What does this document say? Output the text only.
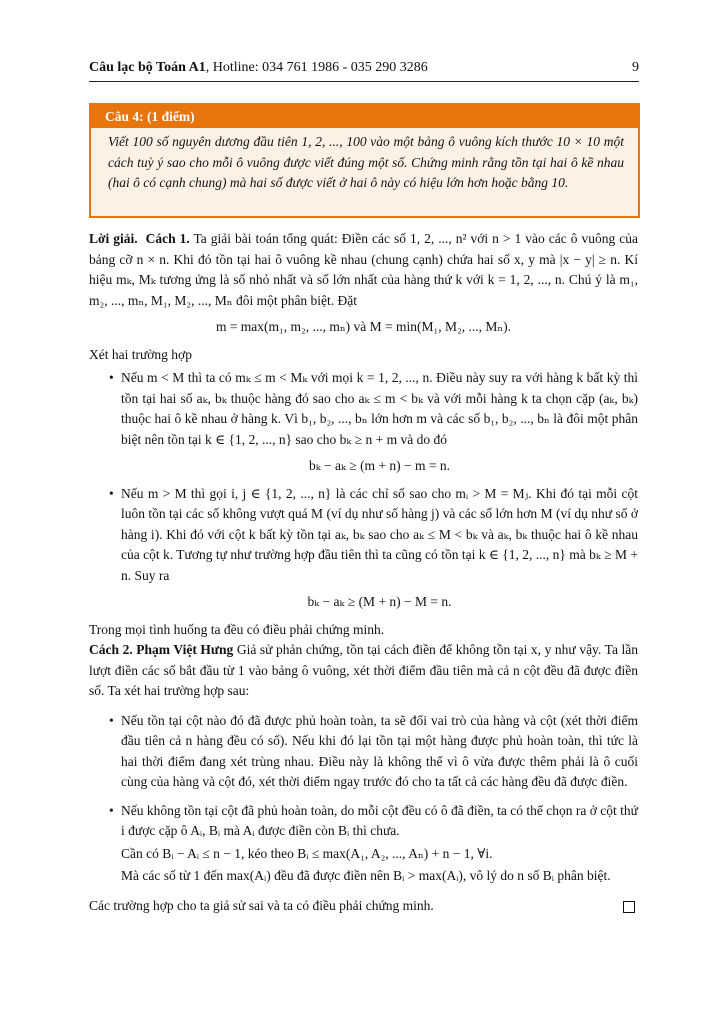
Câu lạc bộ Toán A1, Hotline: 034 761 1986 - 035 290 3286	9
Câu 4: (1 điểm)
Viết 100 số nguyên dương đầu tiên 1, 2, ..., 100 vào một bảng ô vuông kích thước 10 × 10 một cách tuỳ ý sao cho mỗi ô vuông được viết đúng một số. Chứng minh rằng tồn tại hai ô kề nhau (hai ô có cạnh chung) mà hai số được viết ở hai ô này có hiệu lớn hơn hoặc bằng 10.

Lời giải. Cách 1. Ta giải bài toán tổng quát: Điền các số 1, 2, ..., n² với n > 1 vào các ô vuông của bảng cỡ n × n. Khi đó tồn tại hai ô vuông kề nhau (chung cạnh) chứa hai số x, y mà |x − y| ≥ n. Kí hiệu mₖ, Mₖ tương ứng là số nhỏ nhất và số lớn nhất của hàng thứ k với k = 1, 2, ..., n. Chú ý là m₁, m₂, ..., mₙ, M₁, M₂, ..., Mₙ đôi một phân biệt. Đặt

m = max(m₁, m₂, ..., mₙ) và M = min(M₁, M₂, ..., Mₙ).

Xét hai trường hợp

• Nếu m < M thì ta có mₖ ≤ m < Mₖ với mọi k = 1, 2, ..., n. Điều này suy ra với hàng k bất kỳ thì tồn tại hai số aₖ, bₖ thuộc hàng đó sao cho aₖ ≤ m < bₖ và với mỗi hàng k ta chọn cặp (aₖ, bₖ) thuộc hai ô kề nhau ở hàng k. Vì b₁, b₂, ..., bₙ lớn hơn m và các số b₁, b₂, ..., bₙ là đôi một phân biệt nên tồn tại k ∈ {1, 2, ..., n} sao cho bₖ ≥ n + m và do đó
bₖ − aₖ ≥ (m + n) − m = n.
• Nếu m > M thì gọi i, j ∈ {1, 2, ..., n} là các chỉ số sao cho mᵢ > M = Mⱼ. Khi đó tại mỗi cột luôn tồn tại các số không vượt quá M (ví dụ như số hàng j) và các số lớn hơn M (ví dụ như số ở hàng i). Khi đó với cột k bất kỳ tồn tại aₖ, bₖ sao cho aₖ ≤ M < bₖ và aₖ, bₖ thuộc hai ô kề nhau của cột k. Tương tự như trường hợp đầu tiên thì ta cũng có tồn tại k ∈ {1, 2, ..., n} mà bₖ ≥ M + n. Suy ra
bₖ − aₖ ≥ (M + n) − M = n.

Trong mọi tình huống ta đều có điều phải chứng minh.

Cách 2. Phạm Việt Hưng Giả sử phản chứng, tồn tại cách điền để không tồn tại x, y như vậy. Ta lần lượt điền các số bắt đầu từ 1 vào bảng ô vuông, xét thời điểm đầu tiên mà cả n cột đều đã được điền số. Ta xét hai trường hợp sau:

• Nếu tồn tại cột nào đó đã được phủ hoàn toàn, ta sẽ đổi vai trò của hàng và cột (xét thời điểm đầu tiên cả n hàng đều có số). Nếu khi đó lại tồn tại một hàng được phủ hoàn toàn, thì tức là hai thời điểm đang xét trùng nhau. Điều này là không thể vì ô vừa được thêm phải là ô cuối cùng của hàng và cột đó, xét thời điểm ngay trước đó cho ta tất cả các hàng đều đã được điền.
• Nếu không tồn tại cột đã phủ hoàn toàn, do mỗi cột đều có ô đã điền, ta có thể chọn ra ở cột thứ i được cặp ô Aᵢ, Bᵢ mà Aᵢ được điền còn Bᵢ thì chưa.
Cần có Bᵢ − Aᵢ ≤ n − 1, kéo theo Bᵢ ≤ max(A₁, A₂, ..., Aₙ) + n − 1, ∀i.
Mà các số từ 1 đến max(Aᵢ) đều đã được điền nên Bᵢ > max(Aᵢ), vô lý do n số Bᵢ phân biệt.

Các trường hợp cho ta giả sử sai và ta có điều phải chứng minh.
